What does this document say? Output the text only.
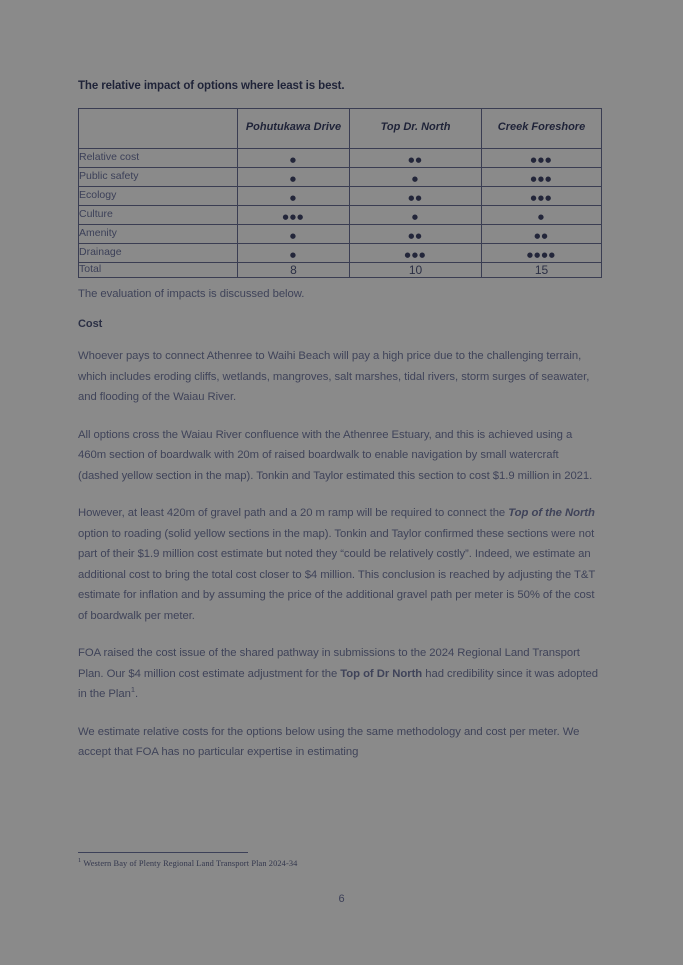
The relative impact of options where least is best.
	Pohutukawa Drive	Top Dr. North	Creek Foreshore
Relative cost	●	●●	●●●
Public safety	●	●	●●●
Ecology	●	●●	●●●
Culture	●●●	●	●
Amenity	●	●●	●●
Drainage	●	●●●	●●●●
Total	8	10	15

The evaluation of impacts is discussed below.

Cost

Whoever pays to connect Athenree to Waihi Beach will pay a high price due to the challenging terrain, which includes eroding cliffs, wetlands, mangroves, salt marshes, tidal rivers, storm surges of seawater, and flooding of the Waiau River.

All options cross the Waiau River confluence with the Athenree Estuary, and this is achieved using a 460m section of boardwalk with 20m of raised boardwalk to enable navigation by small watercraft (dashed yellow section in the map). Tonkin and Taylor estimated this section to cost $1.9 million in 2021.

However, at least 420m of gravel path and a 20 m ramp will be required to connect the Top of the North option to roading (solid yellow sections in the map). Tonkin and Taylor confirmed these sections were not part of their $1.9 million cost estimate but noted they “could be relatively costly”. Indeed, we estimate an additional cost to bring the total cost closer to $4 million. This conclusion is reached by adjusting the T&T estimate for inflation and by assuming the price of the additional gravel path per meter is 50% of the cost of boardwalk per meter.

FOA raised the cost issue of the shared pathway in submissions to the 2024 Regional Land Transport Plan. Our $4 million cost estimate adjustment for the Top of Dr North had credibility since it was adopted in the Plan$^1$.

We estimate relative costs for the options below using the same methodology and cost per meter. We accept that FOA has no particular expertise in estimating

$^1$ Western Bay of Plenty Regional Land Transport Plan 2024-34
6
